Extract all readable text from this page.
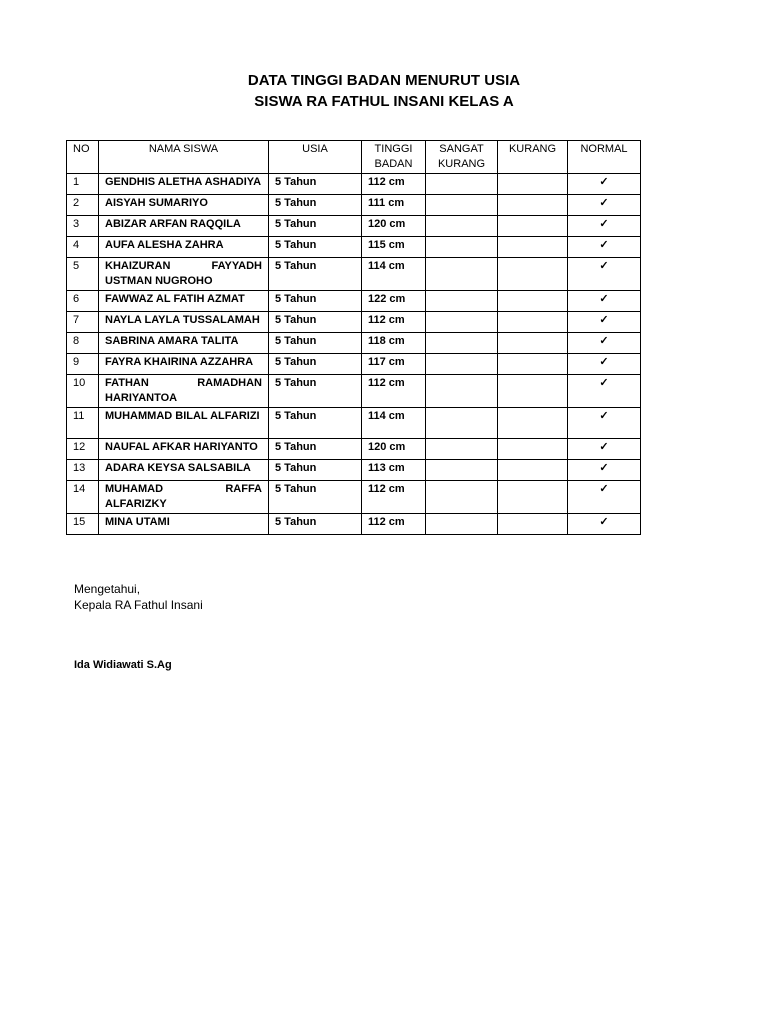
DATA TINGGI BADAN MENURUT USIA
SISWA RA FATHUL INSANI KELAS A
NO	NAMA SISWA	USIA	TINGGI BADAN	SANGAT KURANG	KURANG	NORMAL
1	GENDHIS ALETHA ASHADIYA	5 Tahun	112 cm			✓
2	AISYAH SUMARIYO	5 Tahun	111 cm			✓
3	ABIZAR ARFAN RAQQILA	5 Tahun	120 cm			✓
4	AUFA ALESHA ZAHRA	5 Tahun	115 cm			✓
5	KHAIZURAN FAYYADH USTMAN NUGROHO	5 Tahun	114 cm			✓
6	FAWWAZ AL FATIH AZMAT	5 Tahun	122 cm			✓
7	NAYLA LAYLA TUSSALAMAH	5 Tahun	112 cm			✓
8	SABRINA AMARA TALITA	5 Tahun	118 cm			✓
9	FAYRA KHAIRINA AZZAHRA	5 Tahun	117 cm			✓
10	FATHAN RAMADHAN HARIYANTOA	5 Tahun	112 cm			✓
11	MUHAMMAD BILAL ALFARIZI	5 Tahun	114 cm			✓
12	NAUFAL AFKAR HARIYANTO	5 Tahun	120 cm			✓
13	ADARA KEYSA SALSABILA	5 Tahun	113 cm			✓
14	MUHAMAD RAFFA ALFARIZKY	5 Tahun	112 cm			✓
15	MINA UTAMI	5 Tahun	112 cm			✓
Mengetahui,
Kepala RA Fathul Insani
Ida Widiawati S.Ag
